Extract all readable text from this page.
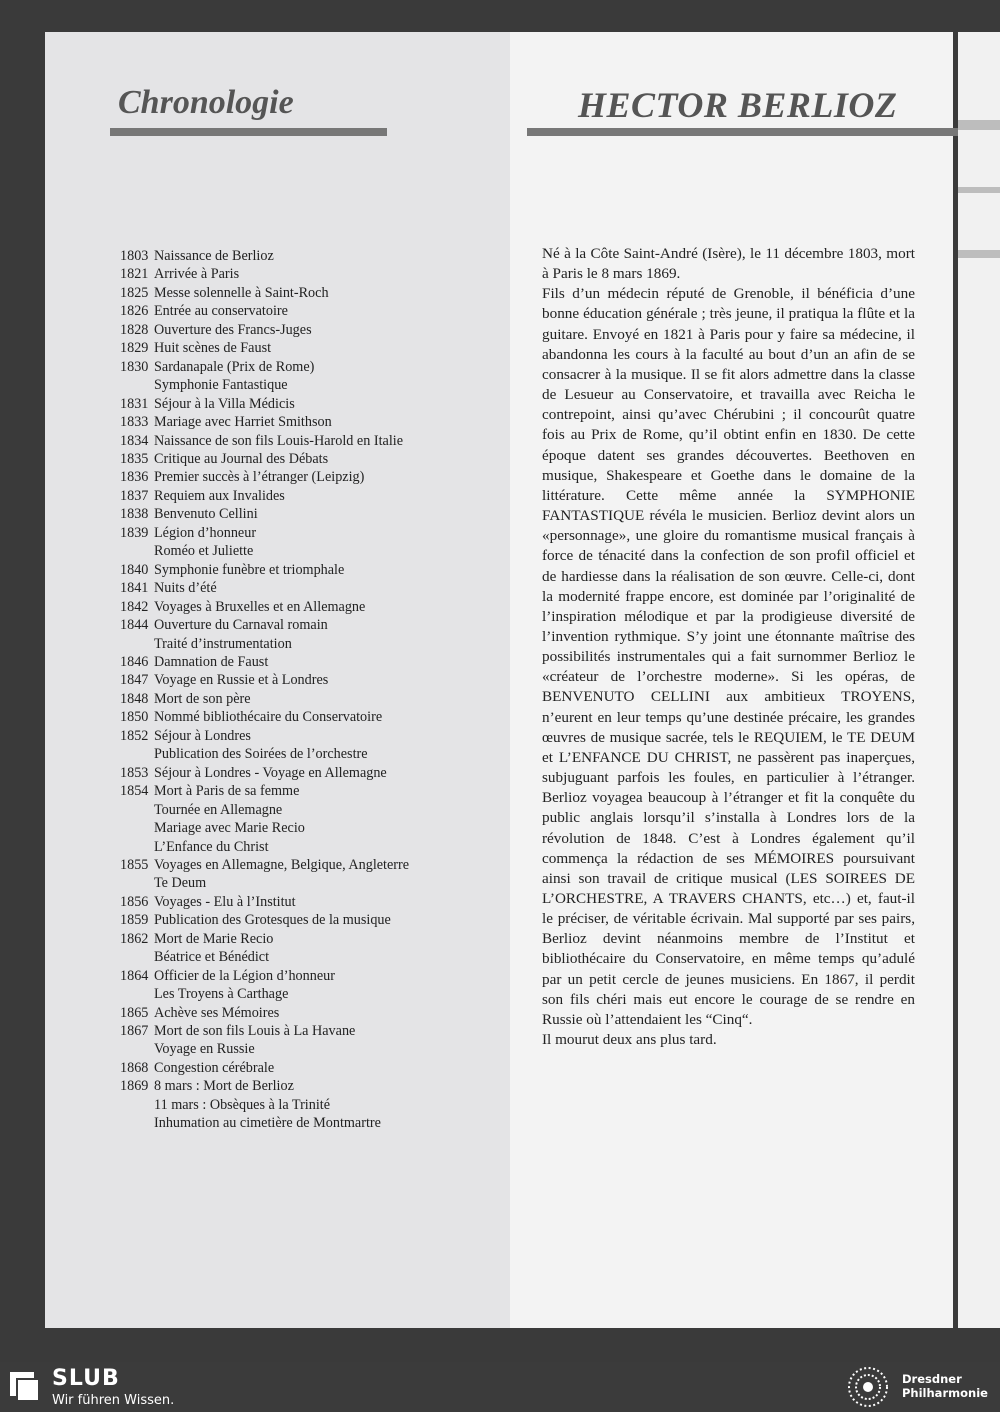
Chronologie	HECTOR BERLIOZ
1803 Naissance de Berlioz
1821 Arrivée à Paris
1825 Messe solennelle à Saint-Roch
1826 Entrée au conservatoire
1828 Ouverture des Francs-Juges
1829 Huit scènes de Faust
1830 Sardanapale (Prix de Rome)
Symphonie Fantastique
1831 Séjour à la Villa Médicis
1833 Mariage avec Harriet Smithson
1834 Naissance de son fils Louis-Harold en Italie
1835 Critique au Journal des Débats
1836 Premier succès à l’étranger (Leipzig)
1837 Requiem aux Invalides
1838 Benvenuto Cellini
1839 Légion d’honneur
Roméo et Juliette
1840 Symphonie funèbre et triomphale
1841 Nuits d’été
1842 Voyages à Bruxelles et en Allemagne
1844 Ouverture du Carnaval romain
Traité d’instrumentation
1846 Damnation de Faust
1847 Voyage en Russie et à Londres
1848 Mort de son père
1850 Nommé bibliothécaire du Conservatoire
1852 Séjour à Londres
Publication des Soirées de l’orchestre
1853 Séjour à Londres - Voyage en Allemagne
1854 Mort à Paris de sa femme
Tournée en Allemagne
Mariage avec Marie Recio
L’Enfance du Christ
1855 Voyages en Allemagne, Belgique, Angleterre
Te Deum
1856 Voyages - Elu à l’Institut
1859 Publication des Grotesques de la musique
1862 Mort de Marie Recio
Béatrice et Bénédict
1864 Officier de la Légion d’honneur
Les Troyens à Carthage
1865 Achève ses Mémoires
1867 Mort de son fils Louis à La Havane
Voyage en Russie
1868 Congestion cérébrale
1869 8 mars : Mort de Berlioz
11 mars : Obsèques à la Trinité
Inhumation au cimetière de Montmartre

Né à la Côte Saint-André (Isère), le 11 décembre 1803, mort à Paris le 8 mars 1869.

Fils d’un médecin réputé de Grenoble, il bénéficia d’une bonne éducation générale ; très jeune, il pratiqua la flûte et la guitare. Envoyé en 1821 à Paris pour y faire sa médecine, il abandonna les cours à la faculté au bout d’un an afin de se consacrer à la musique. Il se fit alors admettre dans la classe de Lesueur au Conservatoire, et travailla avec Reicha le contrepoint, ainsi qu’avec Chérubini ; il concourût quatre fois au Prix de Rome, qu’il obtint enfin en 1830. De cette époque datent ses grandes découvertes. Beethoven en musique, Shakespeare et Goethe dans le domaine de la littérature. Cette même année la SYMPHONIE FANTASTIQUE révéla le musicien. Berlioz devint alors un «personnage», une gloire du romantisme musical français à force de ténacité dans la confection de son profil officiel et de hardiesse dans la réalisation de son œuvre. Celle-ci, dont la modernité frappe encore, est dominée par l’originalité de l’inspiration mélodique et par la prodigieuse diversité de l’invention rythmique. S’y joint une étonnante maîtrise des possibilités instrumentales qui a fait surnommer Berlioz le «créateur de l’orchestre moderne». Si les opéras, de BENVENUTO CELLINI aux ambitieux TROYENS, n’eurent en leur temps qu’une destinée précaire, les grandes œuvres de musique sacrée, tels le REQUIEM, le TE DEUM et L’ENFANCE DU CHRIST, ne passèrent pas inaperçues, subjuguant parfois les foules, en particulier à l’étranger. Berlioz voyagea beaucoup à l’étranger et fit la conquête du public anglais lorsqu’il s’installa à Londres lors de la révolution de 1848. C’est à Londres également qu’il commença la rédaction de ses MÉMOIRES poursuivant ainsi son travail de critique musical (LES SOIREES DE L’ORCHESTRE, A TRAVERS CHANTS, etc…) et, faut-il le préciser, de véritable écrivain. Mal supporté par ses pairs, Berlioz devint néanmoins membre de l’Institut et bibliothécaire du Conservatoire, en même temps qu’adulé par un petit cercle de jeunes musiciens. En 1867, il perdit son fils chéri mais eut encore le courage de se rendre en Russie où l’attendaient les “Cinq“.

Il mourut deux ans plus tard.

SLUB
Wir führen Wissen.
Dresdner
Philharmonie
